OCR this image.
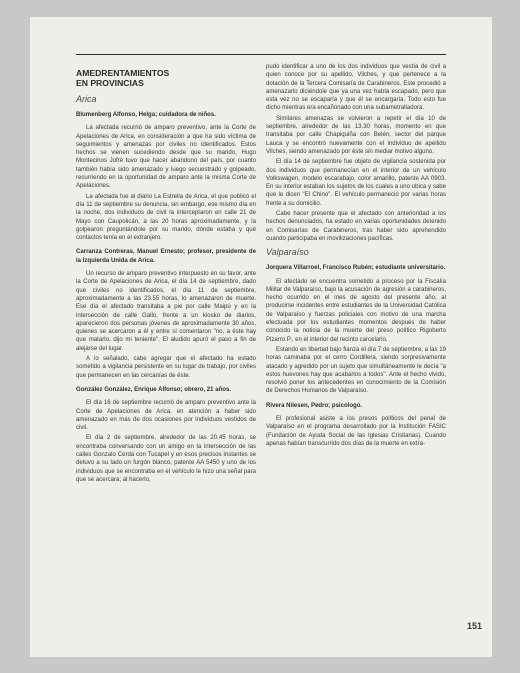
AMEDRENTAMIENTOS
EN PROVINCIAS
Arica

Blumenberg Alfonso, Helga; cuidadora de niños.

La afectada recurrió de amparo preventivo, ante la Corte de Apelaciones de Arica, en consideración a que ha sido víctima de seguimientos y amenazas por civiles no identificados. Estos hechos se vienen sucediendo desde que su marido, Hugo Montecinos Jofré tuvo que hacer abandono del país, por cuanto también había sido amenazado y luego secuestrado y golpeado, recurriendo en la oportunidad de amparo ante la misma Corte de Apelaciones.

La afectada fue al diario La Estrella de Arica, el que publicó el día 11 de septiembre su denuncia, sin embargo, ese mismo día en la noche, dos individuos de civil la interceptaron en calle 21 de Mayo con Caupolicán, a las 20 horas aproximadamente, y la golpearon preguntándole por su marido, dónde estaba y qué contactos tenía en el extranjero.

Carranza Contreras, Manuel Ernesto; profesor, presidente de la Izquierda Unida de Arica.

Un recurso de amparo preventivo interpuesto en su favor, ante la Corte de Apelaciones de Arica, el día 14 de septiembre, dado que civiles no identificados, el día 11 de septiembre, aproximadamente a las 23.55 horas, lo amenazaron de muerte. Ese día el afectado transitaba a pie por calle Maipú y en la intersección de calle Gallo, frente a un kiosko de diarios, aparecieron dos personas jóvenes de aproximadamente 30 años, quienes se acercaron a él y entre sí comentaron "no, a éste hay que matarlo, dijo mi teniente". El aludido apuró el paso a fin de alejarse del lugar.

A lo señalado, cabe agregar que el afectado ha estado sometido a vigilancia persistente en su lugar de trabajo, por civiles que permanecen en las cercanías de éste.

González González, Enrique Alfonso; obrero, 21 años.

El día 16 de septiembre recurrió de amparo preventivo ante la Corte de Apelaciones de Arica, en atención a haber sido amenazado en más de dos ocasiones por individuos vestidos de civil.

El día 2 de septiembre, alrededor de las 20.45 horas, se encontraba conversando con un amigo en la intersección de las calles Gonzalo Cerda con Tucapel y en esos precisos instantes se detuvo a su lado un furgón blanco, patente AA 5450 y uno de los individuos que se encontraba en el vehículo le hizo una señal para que se acercara; al hacerlo,

pudo identificar a uno de los dos individuos que vestía de civil a quien conoce por su apellido, Vilches, y que pertenece a la dotación de la Tercera Comisaría de Carabineros. Este procedió a amenazarlo diciéndole que ya una vez había escapado, pero que esta vez no se escaparía y que él se encargaría. Todo esto fue dicho mientras era encañonado con una subametralladora.

Similares amenazas se volvieron a repetir el día 10 de septiembre, alrededor de las 13.30 horas, momento en que transitaba por calle Chapiquiña con Belén, sector del parque Lauca y se encontró nuevamente con el individuo de apellido Vilches, siendo amenazado por éste sin mediar motivo alguno.

El día 14 de septiembre fue objeto de vigilancia sostenida por dos individuos que permanecían en el interior de un vehículo Volkswagen, modelo escarabajo, color amarillo, patente AA 0903. En su interior estaban los sujetos de los cuales a uno ubica y sabe que le dicen "El Chino". El vehículo permaneció por varias horas frente a su domicilio.

Cabe hacer presente que el afectado con anterioridad a los hechos denunciados, ha estado en varias oportunidades detenido en Comisarías de Carabineros, tras haber sido aprehendido cuando participaba en movilizaciones pacíficas.

Valparaíso

Jorquera Villarroel, Francisco Rubén; estudiante universitario.

El afectado se encuentra sometido a proceso por la Fiscalía Militar de Valparaíso, bajo la acusación de agresión a carabineros, hecho ocurrido en el mes de agosto del presente año, al producirse incidentes entre estudiantes de la Universidad Católica de Valparaíso y fuerzas policiales con motivo de una marcha efectuada por los estudiantes momentos después de haber conocido la noticia de la muerte del preso político Rigoberto Pizarro P., en el interior del recinto carcelario.

Estando en libertad bajo fianza el día 7 de septiembre, a las 19 horas caminaba por el cerro Cordillera, siendo sorpresivamente atacado y agredido por un sujeto que simultáneamente le decía "a estos huevones hay que acabarlos a todos". Ante el hecho vivido, resolvió poner los antecedentes en conocimiento de la Comisión de Derechos Humanos de Valparaíso.

Rivera Nilesen, Pedro; psicólogo.

El profesional asiste a los presos políticos del penal de Valparaíso en el programa desarrollado por la Institución FASIC (Fundación de Ayuda Social de las Iglesias Cristianas). Cuando apenas habían transcurrido dos días de la muerte en extra-

151
